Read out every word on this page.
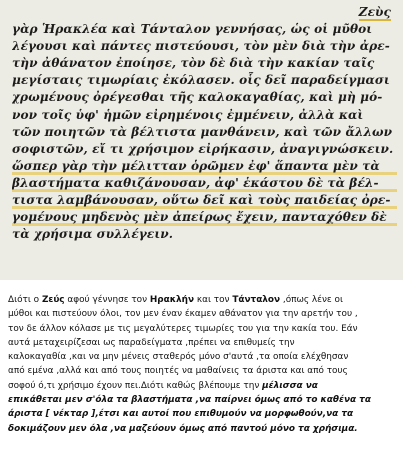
Ζεὺς
γὰρ Ἡρακλέα καὶ Τάνταλον γεννήσας, ὡς οἱ μῦθοι
λέγουσι καὶ πάντες πιστεύουσι, τὸν μὲν διὰ τὴν ἀρε-
τὴν ἀθάνατον ἐποίησε, τὸν δὲ διὰ τὴν κακίαν ταῖς
μεγίσταις τιμωρίαις ἐκόλασεν. οἷς δεῖ παραδείγμασι
χρωμένους ὀρέγεσθαι τῆς καλοκαγαθίας, καὶ μὴ μό-
νον τοῖς ὑφ' ἡμῶν εἰρημένοις ἐμμένειν, ἀλλὰ καὶ
τῶν ποιητῶν τὰ βέλτιστα μανθάνειν, καὶ τῶν ἄλλων
σοφιστῶν, εἴ τι χρήσιμον εἰρήκασιν, ἀναγιγνώσκειν.
ὥσπερ γὰρ τὴν μέλιτταν ὁρῶμεν ἐφ' ἅπαντα μὲν τὰ
βλαστήματα καθιζάνουσαν, ἀφ' ἑκάστου δὲ τὰ βέλ-
τιστα λαμβάνουσαν, οὕτω δεῖ καὶ τοὺς παιδείας ὀρε-
γομένους μηδενὸς μὲν ἀπείρως ἔχειν, πανταχόθεν δὲ
τὰ χρήσιμα συλλέγειν.
Διότι ο Ζεύς αφού γέννησε τον Ηρακλήν και τον Τάνταλον ,όπως λένε οι
μύθοι και πιστεύουν όλοι, τον μεν έναν έκαμεν αθάνατον για την αρετήν του ,
τον δε άλλον κόλασε με τις μεγαλύτερες τιμωρίες του για την κακία του. Εάν
αυτά μεταχειρίζεσαι ως παραδείγματα ,πρέπει να επιθυμείς την
καλοκαγαθία ,και να μην μένεις σταθερός μόνο σ'αυτά ,τα οποία ελέχθησαν
από εμένα ,αλλά και από τους ποιητές να μαθαίνεις τα άριστα και από τους
σοφού ό,τι χρήσιμο έχουν πει.Διότι καθώς βλέπουμε την μέλισσα να
επικάθεται μεν σ'όλα τα βλαστήματα ,να παίρνει όμως από το καθένα τα
άριστα [ νέκταρ ],έτσι και αυτοί που επιθυμούν να μορφωθούν,να τα
δοκιμάζουν μεν όλα ,να μαζεύουν όμως από παντού μόνο τα χρήσιμα.
